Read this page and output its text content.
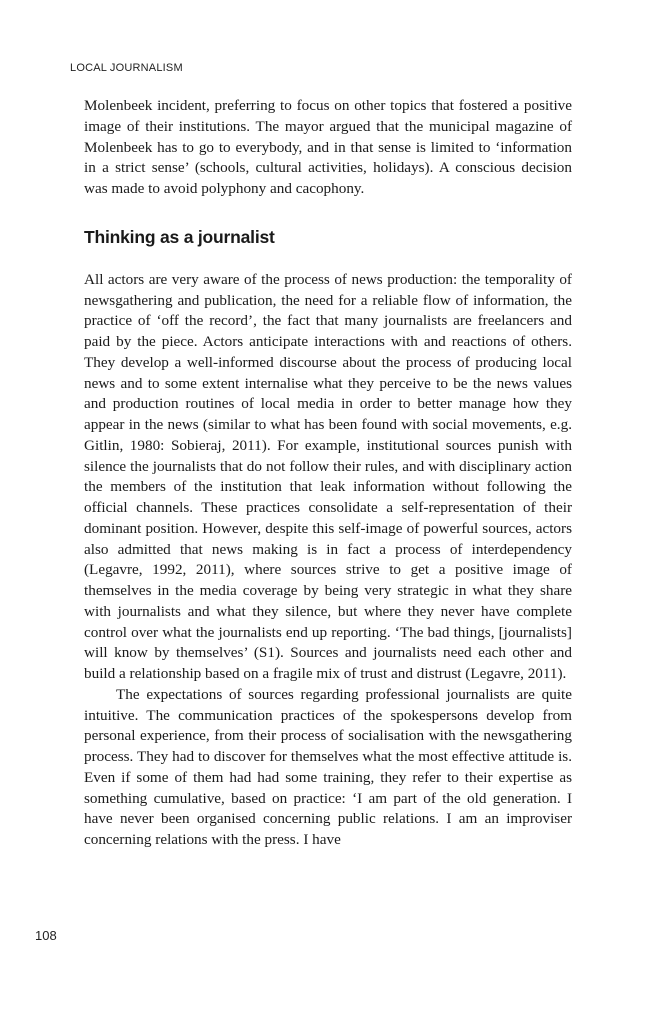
LOCAL JOURNALISM

Molenbeek incident, preferring to focus on other topics that fostered a positive image of their institutions. The mayor argued that the municipal magazine of Molenbeek has to go to everybody, and in that sense is limited to ‘information in a strict sense’ (schools, cultural activities, holidays). A conscious decision was made to avoid polyphony and cacophony.

Thinking as a journalist

All actors are very aware of the process of news production: the temporality of newsgathering and publication, the need for a reliable flow of information, the practice of ‘off the record’, the fact that many journalists are freelancers and paid by the piece. Actors anticipate interactions with and reactions of others. They develop a well-informed discourse about the process of producing local news and to some extent internalise what they perceive to be the news values and production routines of local media in order to better manage how they appear in the news (similar to what has been found with social movements, e.g. Gitlin, 1980: Sobieraj, 2011). For example, institutional sources punish with silence the journalists that do not follow their rules, and with disciplinary action the members of the institution that leak information without following the official channels. These practices consolidate a self-representation of their dominant position. However, despite this self-image of powerful sources, actors also admitted that news making is in fact a process of interdependency (Legavre, 1992, 2011), where sources strive to get a positive image of themselves in the media coverage by being very strategic in what they share with journalists and what they silence, but where they never have complete control over what the journalists end up reporting. ‘The bad things, [journalists] will know by themselves’ (S1). Sources and journalists need each other and build a relationship based on a fragile mix of trust and distrust (Legavre, 2011).

The expectations of sources regarding professional journalists are quite intuitive. The communication practices of the spokespersons develop from personal experience, from their process of socialisation with the newsgathering process. They had to discover for themselves what the most effective attitude is. Even if some of them had had some training, they refer to their expertise as something cumulative, based on practice: ‘I am part of the old generation. I have never been organised concerning public relations. I am an improviser concerning relations with the press. I have

108
